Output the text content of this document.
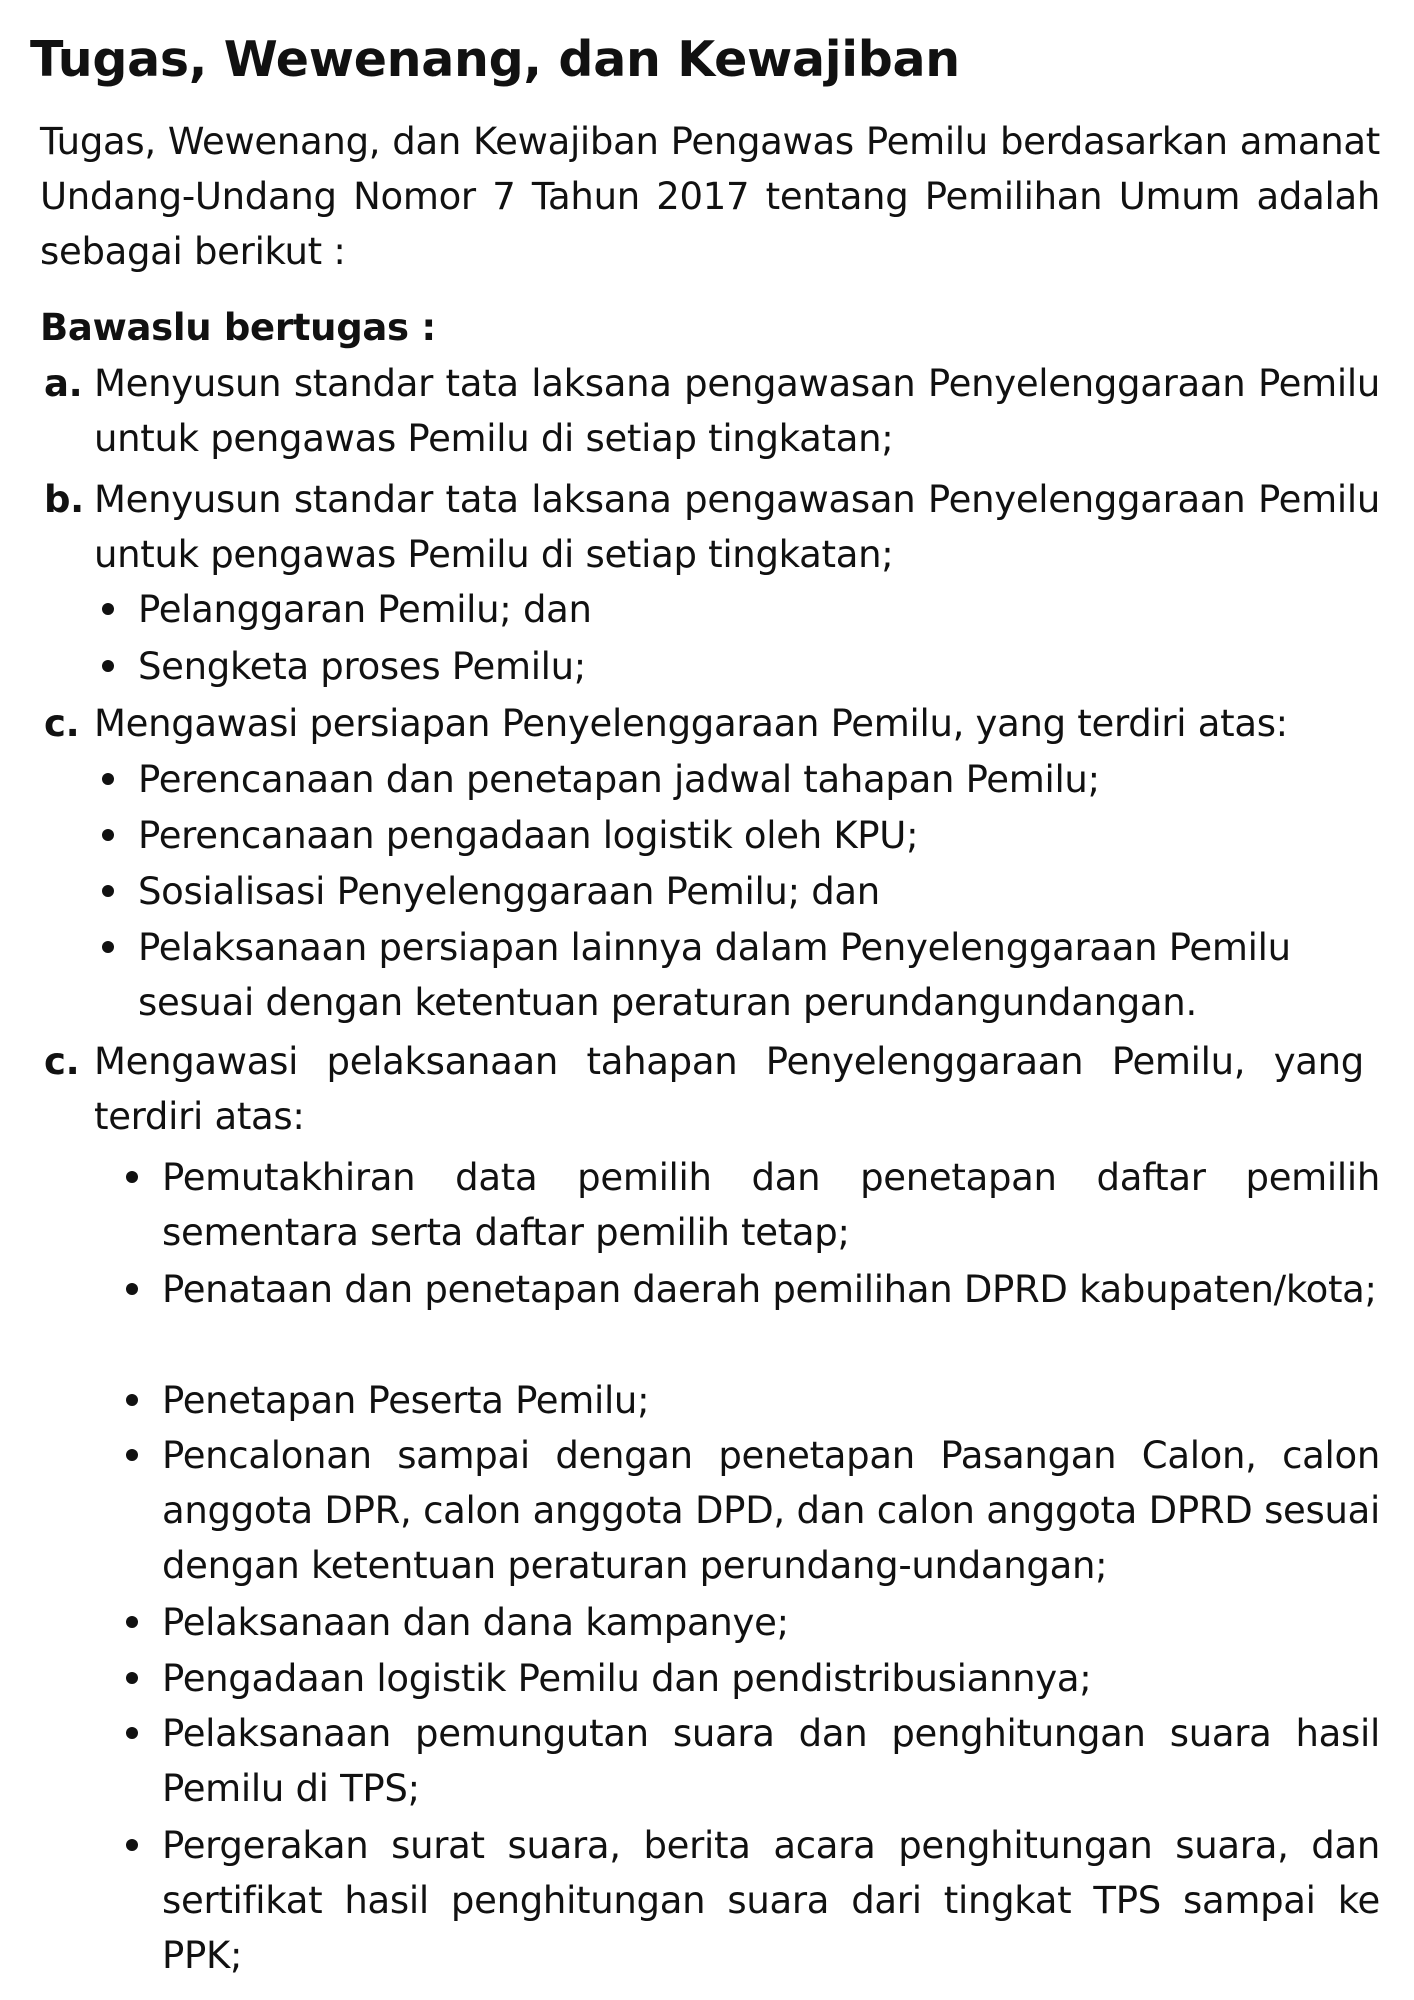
Tugas, Wewenang, dan Kewajiban
Tugas, Wewenang, dan Kewajiban Pengawas Pemilu berdasarkan amanat Undang-Undang Nomor 7 Tahun 2017 tentang Pemilihan Umum adalah sebagai berikut :
Bawaslu bertugas :
a. Menyusun standar tata laksana pengawasan Penyelenggaraan Pemilu untuk pengawas Pemilu di setiap tingkatan;
b. Menyusun standar tata laksana pengawasan Penyelenggaraan Pemilu untuk pengawas Pemilu di setiap tingkatan;
Pelanggaran Pemilu; dan
Sengketa proses Pemilu;
c. Mengawasi persiapan Penyelenggaraan Pemilu, yang terdiri atas:
Perencanaan dan penetapan jadwal tahapan Pemilu;
Perencanaan pengadaan logistik oleh KPU;
Sosialisasi Penyelenggaraan Pemilu; dan
Pelaksanaan persiapan lainnya dalam Penyelenggaraan Pemilu sesuai dengan ketentuan peraturan perundangundangan.
c. Mengawasi pelaksanaan tahapan Penyelenggaraan Pemilu, yang terdiri atas:
Pemutakhiran data pemilih dan penetapan daftar pemilih sementara serta daftar pemilih tetap;
Penataan dan penetapan daerah pemilihan DPRD kabupaten/kota;
Penetapan Peserta Pemilu;
Pencalonan sampai dengan penetapan Pasangan Calon, calon anggota DPR, calon anggota DPD, dan calon anggota DPRD sesuai dengan ketentuan peraturan perundang-undangan;
Pelaksanaan dan dana kampanye;
Pengadaan logistik Pemilu dan pendistribusiannya;
Pelaksanaan pemungutan suara dan penghitungan suara hasil Pemilu di TPS;
Pergerakan surat suara, berita acara penghitungan suara, dan sertifikat hasil penghitungan suara dari tingkat TPS sampai ke PPK;
